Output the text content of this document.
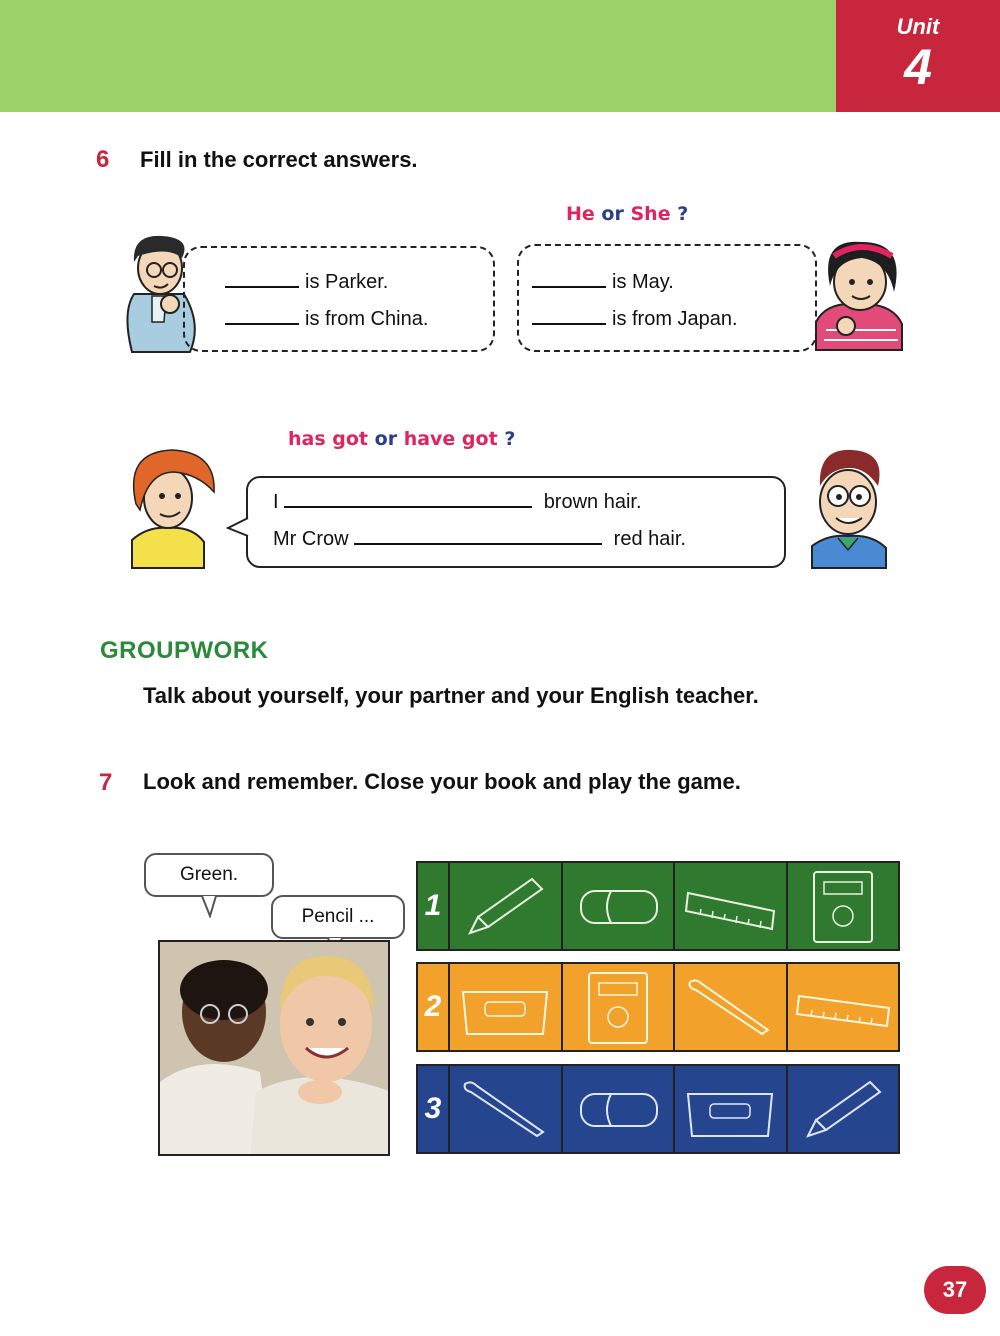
Unit
4
6 Fill in the correct answers.
He or She ?
is Parker.
is from China.
is May.
is from Japan.
has got or have got ?
I	brown hair.
Mr Crow	red hair.
GROUPWORK
Talk about yourself, your partner and your English teacher.
7 Look and remember. Close your book and play the game.
Green.
Pencil ...	1
2
3
37
